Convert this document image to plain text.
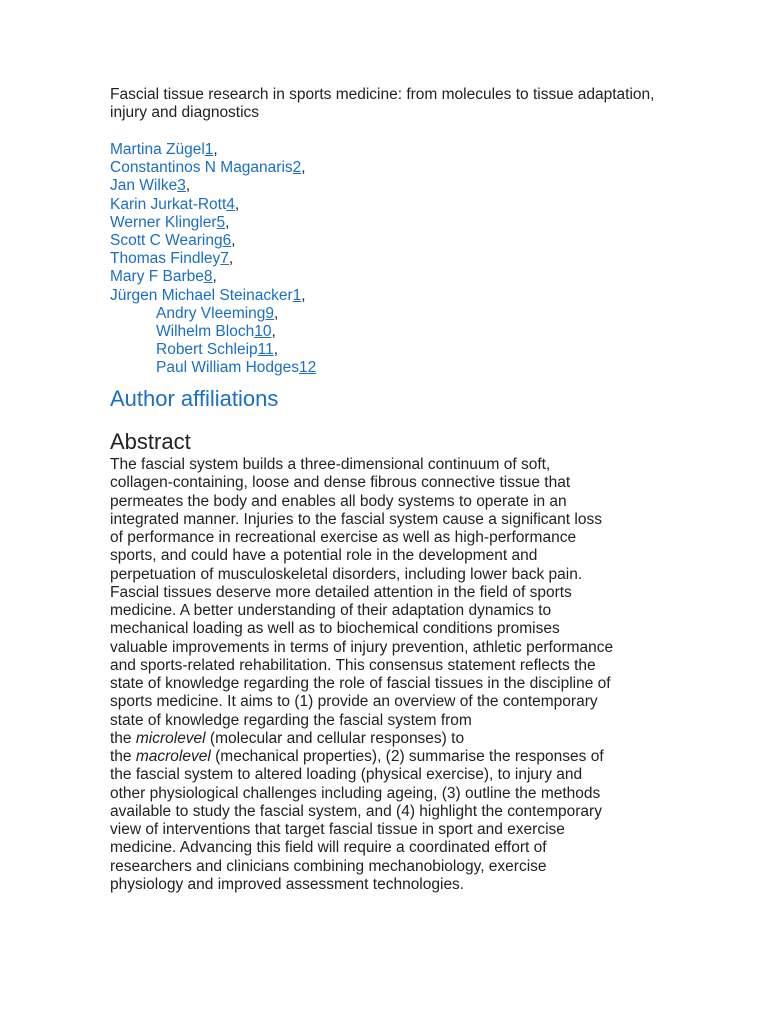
Fascial tissue research in sports medicine: from molecules to tissue adaptation, injury and diagnostics

Martina Zügel1,
Constantinos N Maganaris2,
Jan Wilke3,
Karin Jurkat-Rott4,
Werner Klingler5,
Scott C Wearing6,
Thomas Findley7,
Mary F Barbe8,
Jürgen Michael Steinacker1,
Andry Vleeming9,
Wilhelm Bloch10,
Robert Schleip11,
Paul William Hodges12
Author affiliations
Abstract
The fascial system builds a three-dimensional continuum of soft,
collagen-containing, loose and dense fibrous connective tissue that
permeates the body and enables all body systems to operate in an
integrated manner. Injuries to the fascial system cause a significant loss
of performance in recreational exercise as well as high-performance
sports, and could have a potential role in the development and
perpetuation of musculoskeletal disorders, including lower back pain.
Fascial tissues deserve more detailed attention in the field of sports
medicine. A better understanding of their adaptation dynamics to
mechanical loading as well as to biochemical conditions promises
valuable improvements in terms of injury prevention, athletic performance
and sports-related rehabilitation. This consensus statement reflects the
state of knowledge regarding the role of fascial tissues in the discipline of
sports medicine. It aims to (1) provide an overview of the contemporary
state of knowledge regarding the fascial system from
the microlevel (molecular and cellular responses) to
the macrolevel (mechanical properties), (2) summarise the responses of
the fascial system to altered loading (physical exercise), to injury and
other physiological challenges including ageing, (3) outline the methods
available to study the fascial system, and (4) highlight the contemporary
view of interventions that target fascial tissue in sport and exercise
medicine. Advancing this field will require a coordinated effort of
researchers and clinicians combining mechanobiology, exercise
physiology and improved assessment technologies.
